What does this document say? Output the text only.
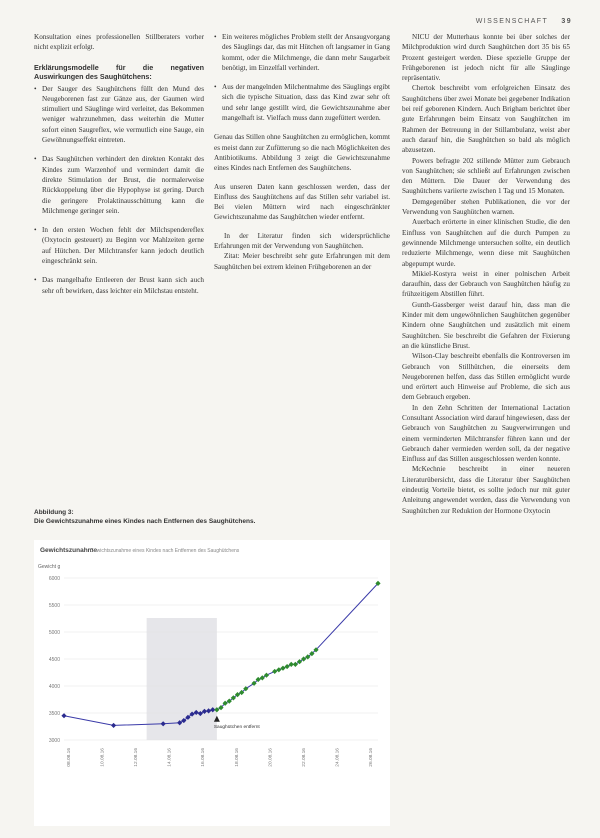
WISSENSCHAFT 39

Konsultation eines professionellen Stillberaters vorher nicht explizit erfolgt.

Erklärungsmodelle für die negativen Auswirkungen des Saughütchens:
• Der Sauger des Saughütchens füllt den Mund des Neugeborenen fast zur Gänze aus, der Gaumen wird stimuliert und Säuglinge wird verleitet, das Bekommen weniger wahrzunehmen, dass weiterhin die Mutter sofort einen Saugreflex, wie vermutlich eine Sauge, ein Gewöhnungseffekt eintreten.
• Das Saughütchen verhindert den direkten Kontakt des Kindes zum Warzenhof und vermindert damit die direkte Stimulation der Brust, die normalerweise Rückkoppelung über die Hypophyse ist gering. Durch die geringere Prolaktinausschüttung kann die Milchmenge geringer sein.
• In den ersten Wochen fehlt der Milchspendereflex (Oxytocin gesteuert) zu Beginn vor Mahlzeiten gerne auf Hütchen. Der Milchtransfer kann jedoch deutlich eingeschränkt sein.
• Das mangelhafte Entleeren der Brust kann sich auch sehr oft bewirken, dass leichter ein Milchstau entsteht.
• Ein weiteres mögliches Problem stellt der Ansaugvorgang des Säuglings dar, das mit Hütchen oft langsamer in Gang kommt, oder die Milchmenge, die dann mehr Saugarbeit benötigt, im Einzelfall verhindert.
• Aus der mangelnden Milchentnahme des Säuglings ergibt sich die typische Situation, dass das Kind zwar sehr oft und sehr lange gestillt wird, die Gewichtszunahme aber mangelhaft ist. Vielfach muss dann zugefüttert werden.

Genau das Stillen ohne Saughütchen zu ermöglichen, kommt es meist dann zur Zufütterung so die nach Möglichkeiten des Antibiotikums. Abbildung 3 zeigt die Gewichtszunahme eines Kindes nach Entfernen des Saughütchens.

Aus unseren Daten kann geschlossen werden, dass der Einfluss des Saughütchens auf das Stillen sehr variabel ist. Bei vielen Müttern wird nach eingeschränkter Gewichtszunahme das Saughütchen wieder entfernt.

In der Literatur finden sich widersprüchliche Erfahrungen mit der Verwendung von Saughütchen.

Zitat: Meier beschreibt sehr gute Erfahrungen mit dem Saughütchen bei extrem kleinen Frühgeborenen an der

NICU der Mutterhaus konnte bei über solches der Milchproduktion wird durch Saughütchen dort 35 bis 65 Prozent gesteigert werden. Diese spezielle Gruppe der Frühgeborenen ist jedoch nicht für alle Säuglinge repräsentativ.

Chertok beschreibt vom erfolgreichen Einsatz des Saughütchens über zwei Monate bei gegebener Indikation bei reif geborenen Kindern. Auch Brigham berichtet über gute Erfahrungen beim Einsatz von Saughütchen im Rahmen der Betreuung in der Stillambulanz, weist aber auch darauf hin, die Saughütchen so bald als möglich abzusetzen.

Powers befragte 202 stillende Mütter zum Gebrauch von Saughütchen; sie schließt auf Erfahrungen zwischen den Müttern. Die Dauer der Verwendung des Saughütchens variierte zwischen 1 Tag und 15 Monaten.

Demgegenüber stehen Publikationen, die vor der Verwendung von Saughütchen warnen.

Auerbach erörterte in einer klinischen Studie, die den Einfluss von Saughütchen auf die durch Pumpen zu gewinnende Milchmenge untersuchen sollte, ein deutlich reduzierte Milchmenge, wenn diese mit Saughütchen abgepumpt wurde.

Mikiel-Kostyra weist in einer polnischen Arbeit daraufhin, dass der Gebrauch von Saughütchen häufig zu frühzeitigem Abstillen führt.

Gunth-Gassberger weist darauf hin, dass man die Kinder mit dem ungewöhnlichen Saughütchen gegenüber Kindern ohne Saughütchen und zusätzlich mit einem Saughütchen. Sie beschreibt die Gefahren der Fixierung an die künstliche Brust.

Wilson-Clay beschreibt ebenfalls die Kontroversen im Gebrauch von Stillhütchen, die einerseits dem Neugeborenen helfen, dass das Stillen ermöglicht wurde und erörtert auch Hinweise auf Probleme, die sich aus dem Gebrauch ergeben.

In den Zehn Schritten der International Lactation Consultant Association wird darauf hingewiesen, dass der Gebrauch von Saughütchen zu Saugverwirrungen und einem verminderten Milchtransfer führen kann und der Gebrauch daher vermieden werden soll, da der negative Einfluss auf das Stillen ausgeschlossen werden konnte.

McKechnie beschreibt in einer neueren Literaturübersicht, dass die Literatur über Saughütchen eindeutig Vorteile bietet, es sollte jedoch nur mit guter Anleitung angewendet werden, dass die Verwendung von Saughütchen zur Reduktion der Hormone Oxytocin

Abbildung 3:
Die Gewichtszunahme eines Kindes nach Entfernen des Saughütchens.
Gewichtszunahme
Gewichtszunahme eines Kindes nach Entfernen des Saughütchens
Gewicht g
3000
3500
4000
4500
5000
5500
6000
08.08.16	10.08.16	12.08.16	14.08.16	16.08.16	18.08.16	20.08.16	22.08.16	24.08.16	26.08.16
Saughütchen entfernt
